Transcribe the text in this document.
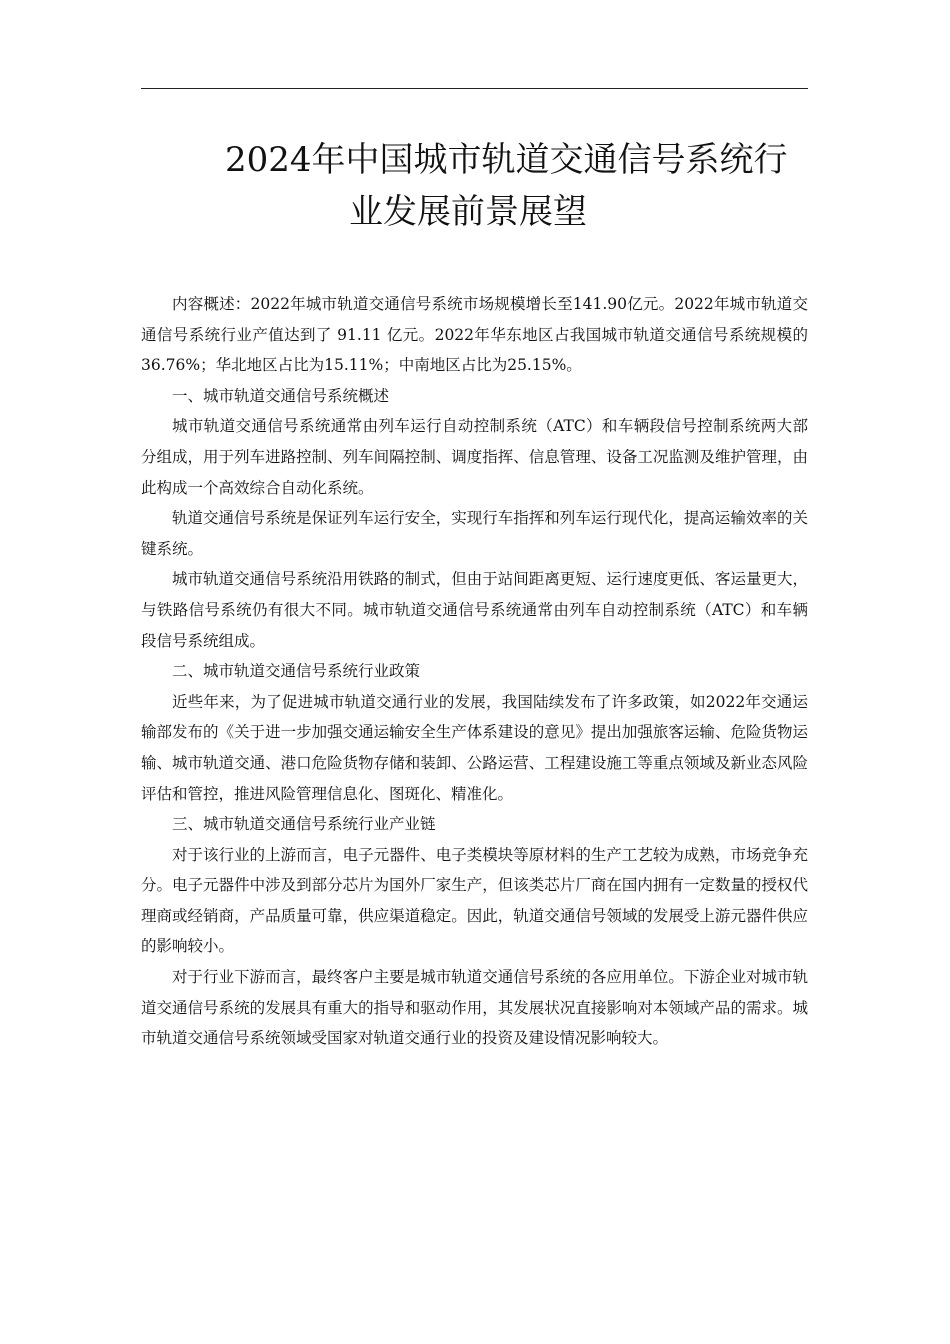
2024年中国城市轨道交通信号系统行
业发展前景展望

内容概述：2022年城市轨道交通信号系统市场规模增长至141.90亿元。2022年城市轨道交通信号系统行业产值达到了 91.11 亿元。2022年华东地区占我国城市轨道交通信号系统规模的36.76%；华北地区占比为15.11%；中南地区占比为25.15%。

一、城市轨道交通信号系统概述

城市轨道交通信号系统通常由列车运行自动控制系统（ATC）和车辆段信号控制系统两大部分组成，用于列车进路控制、列车间隔控制、调度指挥、信息管理、设备工况监测及维护管理，由此构成一个高效综合自动化系统。

轨道交通信号系统是保证列车运行安全，实现行车指挥和列车运行现代化，提高运输效率的关键系统。

城市轨道交通信号系统沿用铁路的制式，但由于站间距离更短、运行速度更低、客运量更大，与铁路信号系统仍有很大不同。城市轨道交通信号系统通常由列车自动控制系统（ATC）和车辆段信号系统组成。

二、城市轨道交通信号系统行业政策

近些年来，为了促进城市轨道交通行业的发展，我国陆续发布了许多政策，如2022年交通运输部发布的《关于进一步加强交通运输安全生产体系建设的意见》提出加强旅客运输、危险货物运输、城市轨道交通、港口危险货物存储和装卸、公路运营、工程建设施工等重点领域及新业态风险评估和管控，推进风险管理信息化、图斑化、精准化。

三、城市轨道交通信号系统行业产业链

对于该行业的上游而言，电子元器件、电子类模块等原材料的生产工艺较为成熟，市场竞争充分。电子元器件中涉及到部分芯片为国外厂家生产，但该类芯片厂商在国内拥有一定数量的授权代理商或经销商，产品质量可靠，供应渠道稳定。因此，轨道交通信号领域的发展受上游元器件供应的影响较小。

对于行业下游而言，最终客户主要是城市轨道交通信号系统的各应用单位。下游企业对城市轨道交通信号系统的发展具有重大的指导和驱动作用，其发展状况直接影响对本领域产品的需求。城市轨道交通信号系统领域受国家对轨道交通行业的投资及建设情况影响较大。
